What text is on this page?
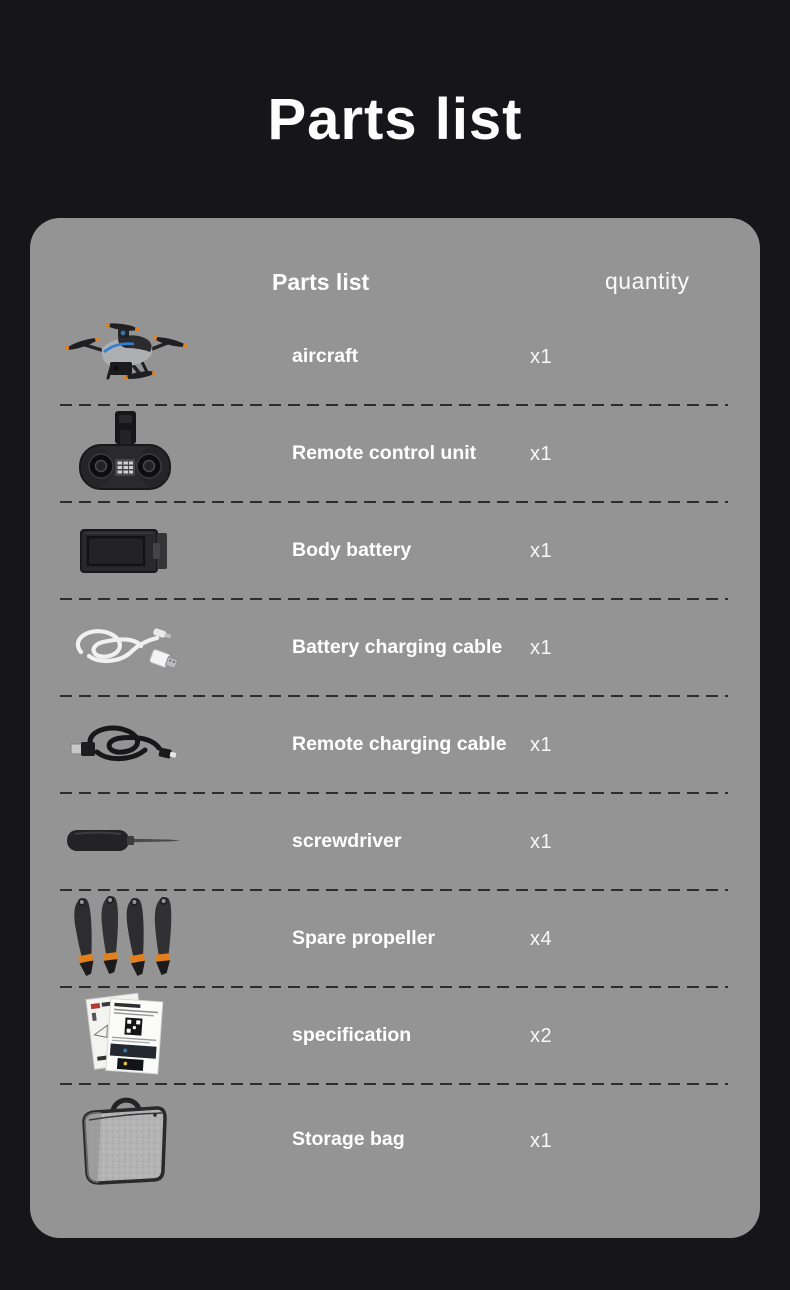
Parts list
Parts list	quantity
aircraft	x1
Remote control unit	x1
Body battery	x1
Battery charging cable	x1
Remote charging cable	x1
screwdriver	x1
Spare propeller	x4
specification	x2
Storage bag	x1
